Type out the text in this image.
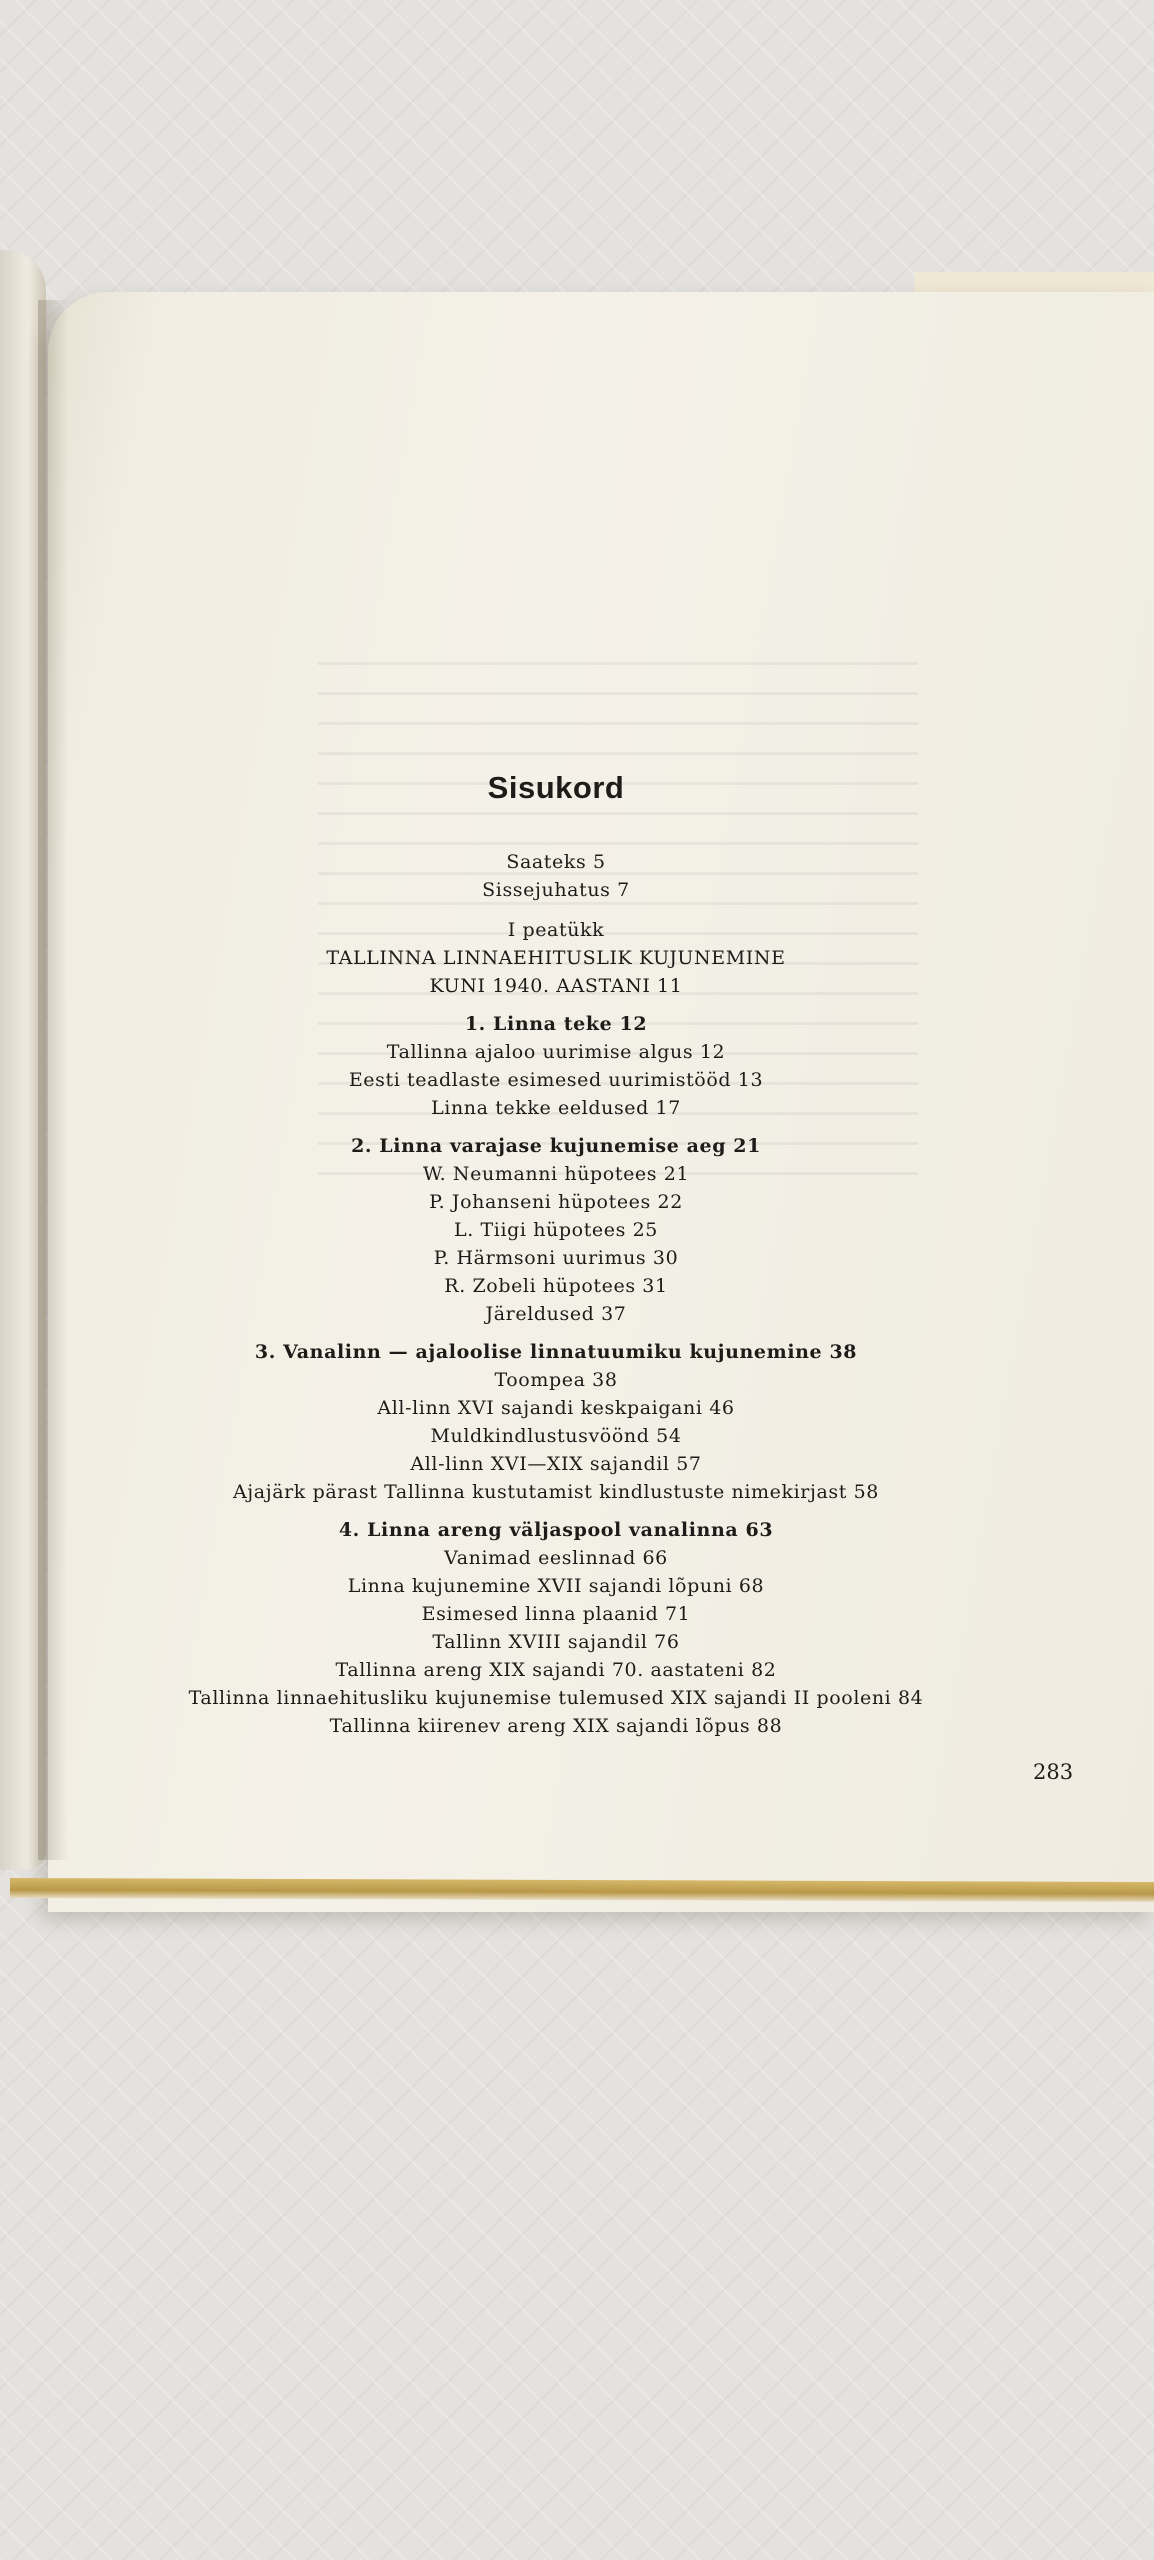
Sisukord
Saateks 5
Sissejuhatus 7
I peatükk
TALLINNA LINNAEHITUSLIK KUJUNEMINE
KUNI 1940. AASTANI 11
1. Linna teke 12
Tallinna ajaloo uurimise algus 12
Eesti teadlaste esimesed uurimistööd 13
Linna tekke eeldused 17
2. Linna varajase kujunemise aeg 21
W. Neumanni hüpotees 21
P. Johanseni hüpotees 22
L. Tiigi hüpotees 25
P. Härmsoni uurimus 30
R. Zobeli hüpotees 31
Järeldused 37
3. Vanalinn — ajaloolise linnatuumiku kujunemine 38
Toompea 38
All-linn XVI sajandi keskpaigani 46
Muldkindlustusvöönd 54
All-linn XVI—XIX sajandil 57
Ajajärk pärast Tallinna kustutamist kindlustuste nimekirjast 58
4. Linna areng väljaspool vanalinna 63
Vanimad eeslinnad 66
Linna kujunemine XVII sajandi lõpuni 68
Esimesed linna plaanid 71
Tallinn XVIII sajandil 76
Tallinna areng XIX sajandi 70. aastateni 82
Tallinna linnaehitusliku kujunemise tulemused XIX sajandi II pooleni 84
Tallinna kiirenev areng XIX sajandi lõpus 88
283
